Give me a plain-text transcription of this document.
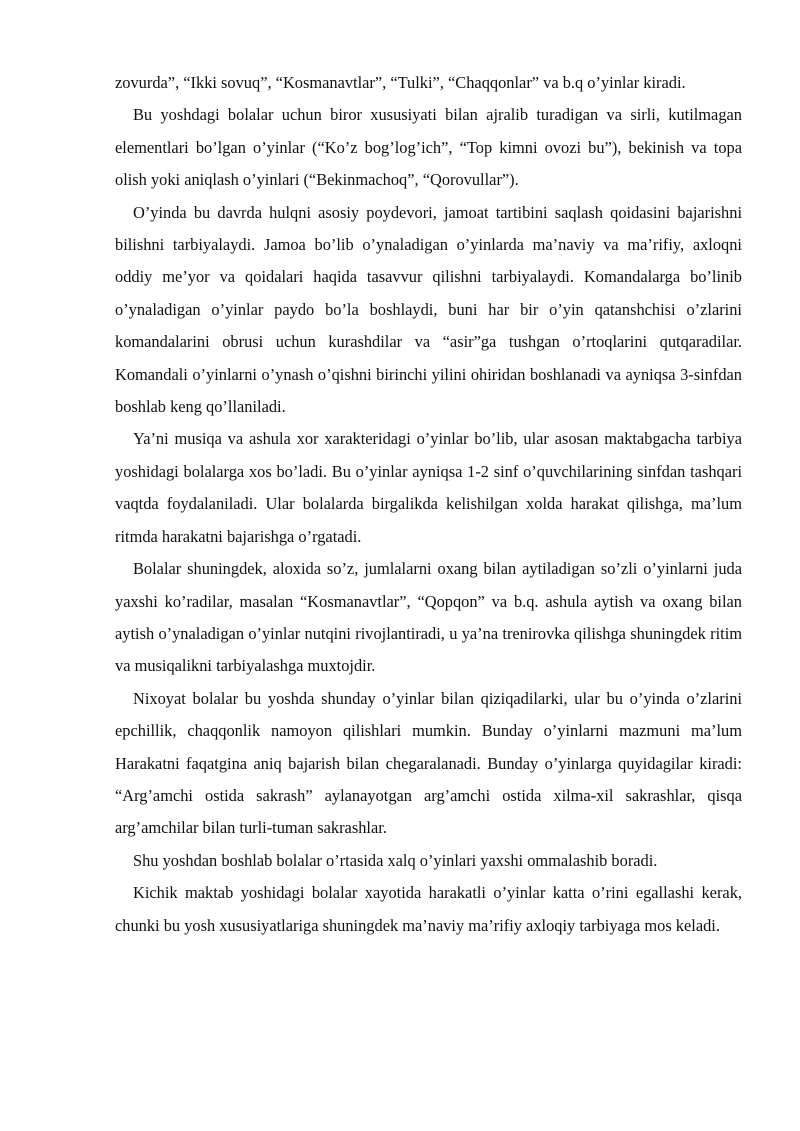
zovurda”, “Ikki sovuq”, “Kosmanavtlar”, “Tulki”, “Chaqqonlar” va b.q o’yinlar kiradi.

Bu yoshdagi bolalar uchun biror xususiyati bilan ajralib turadigan va sirli, kutilmagan elementlari bo’lgan o’yinlar (“Ko’z bog’log’ich”, “Top kimni ovozi bu”), bekinish va topa olish yoki aniqlash o’yinlari (“Bekinmachoq”, “Qorovullar”).

O’yinda bu davrda hulqni asosiy poydevori, jamoat tartibini saqlash qoidasini bajarishni bilishni tarbiyalaydi. Jamoa bo’lib o’ynaladigan o’yinlarda ma’naviy va ma’rifiy, axloqni oddiy me’yor va qoidalari haqida tasavvur qilishni tarbiyalaydi. Komandalarga bo’linib o’ynaladigan o’yinlar paydo bo’la boshlaydi, buni har bir o’yin qatanshchisi o’zlarini komandalarini obrusi uchun kurashdilar va “asir”ga tushgan o’rtoqlarini qutqaradilar. Komandali o’yinlarni o’ynash o’qishni birinchi yilini ohiridan boshlanadi va ayniqsa 3-sinfdan boshlab keng qo’llaniladi.

Ya’ni musiqa va ashula xor xarakteridagi o’yinlar bo’lib, ular asosan maktabgacha tarbiya yoshidagi bolalarga xos bo’ladi. Bu o’yinlar ayniqsa 1-2 sinf o’quvchilarining sinfdan tashqari vaqtda foydalaniladi. Ular bolalarda birgalikda kelishilgan xolda harakat qilishga, ma’lum ritmda harakatni bajarishga o’rgatadi.

Bolalar shuningdek, aloxida so’z, jumlalarni oxang bilan aytiladigan so’zli o’yinlarni juda yaxshi ko’radilar, masalan “Kosmanavtlar”, “Qopqon” va b.q. ashula aytish va oxang bilan aytish o’ynaladigan o’yinlar nutqini rivojlantiradi, u ya’na trenirovka qilishga shuningdek ritim va musiqalikni tarbiyalashga muxtojdir.

Nixoyat bolalar bu yoshda shunday o’yinlar bilan qiziqadilarki, ular bu o’yinda o’zlarini epchillik, chaqqonlik namoyon qilishlari mumkin. Bunday o’yinlarni mazmuni ma’lum Harakatni faqatgina aniq bajarish bilan chegaralanadi. Bunday o’yinlarga quyidagilar kiradi: “Arg’amchi ostida sakrash” aylanayotgan arg’amchi ostida xilma-xil sakrashlar, qisqa arg’amchilar bilan turli-tuman sakrashlar.

Shu yoshdan boshlab bolalar o’rtasida xalq o’yinlari yaxshi ommalashib boradi.

Kichik maktab yoshidagi bolalar xayotida harakatli o’yinlar katta o’rini egallashi kerak, chunki bu yosh xususiyatlariga shuningdek ma’naviy ma’rifiy axloqiy tarbiyaga mos keladi.
